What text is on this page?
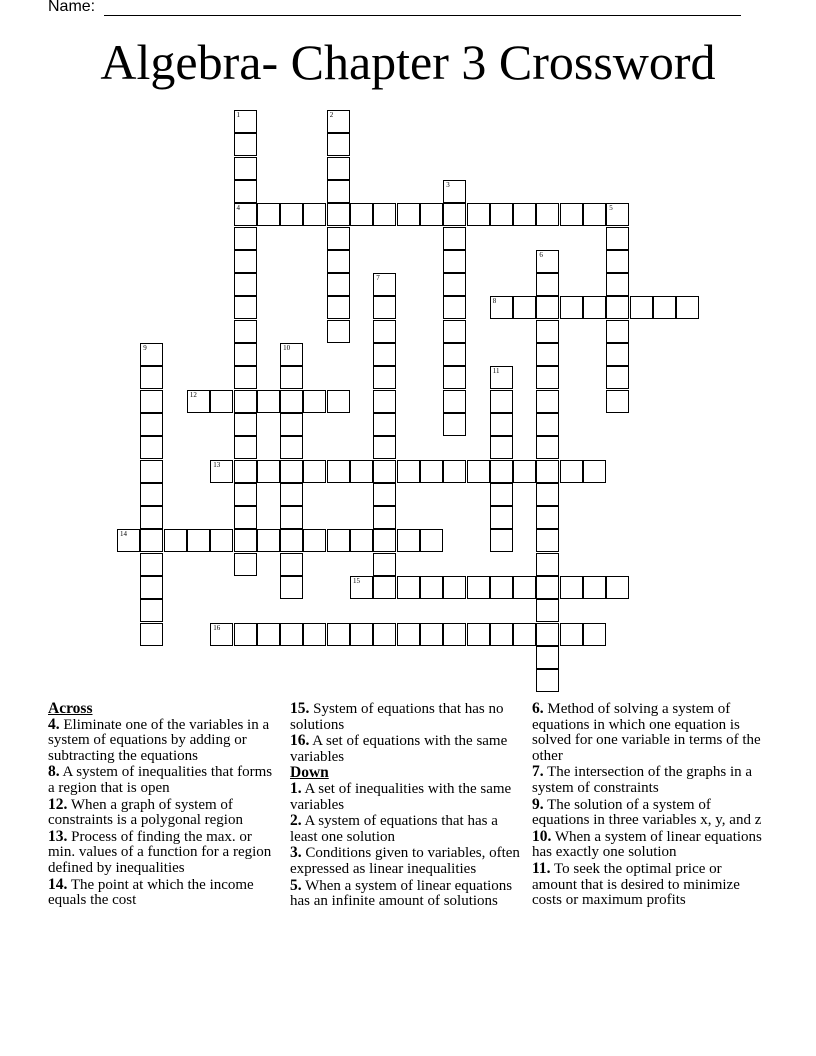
Name:
Algebra- Chapter 3 Crossword
1
4
2
3
5
6
7
8
9	10
11
12
13
14
15
16
Across
4. Eliminate one of the variables in a system of equations by adding or subtracting the equations
8. A system of inequalities that forms a region that is open
12. When a graph of system of constraints is a polygonal region
13. Process of finding the max. or min. values of a function for a region defined by inequalities
14. The point at which the income equals the cost
15. System of equations that has no solutions
16. A set of equations with the same variables
Down
1. A set of inequalities with the same variables
2. A system of equations that has a least one solution
3. Conditions given to variables, often expressed as linear inequalities
5. When a system of linear equations has an infinite amount of solutions
6. Method of solving a system of equations in which one equation is solved for one variable in terms of the other
7. The intersection of the graphs in a system of constraints
9. The solution of a system of equations in three variables x, y, and z
10. When a system of linear equations has exactly one solution
11. To seek the optimal price or amount that is desired to minimize costs or maximum profits
